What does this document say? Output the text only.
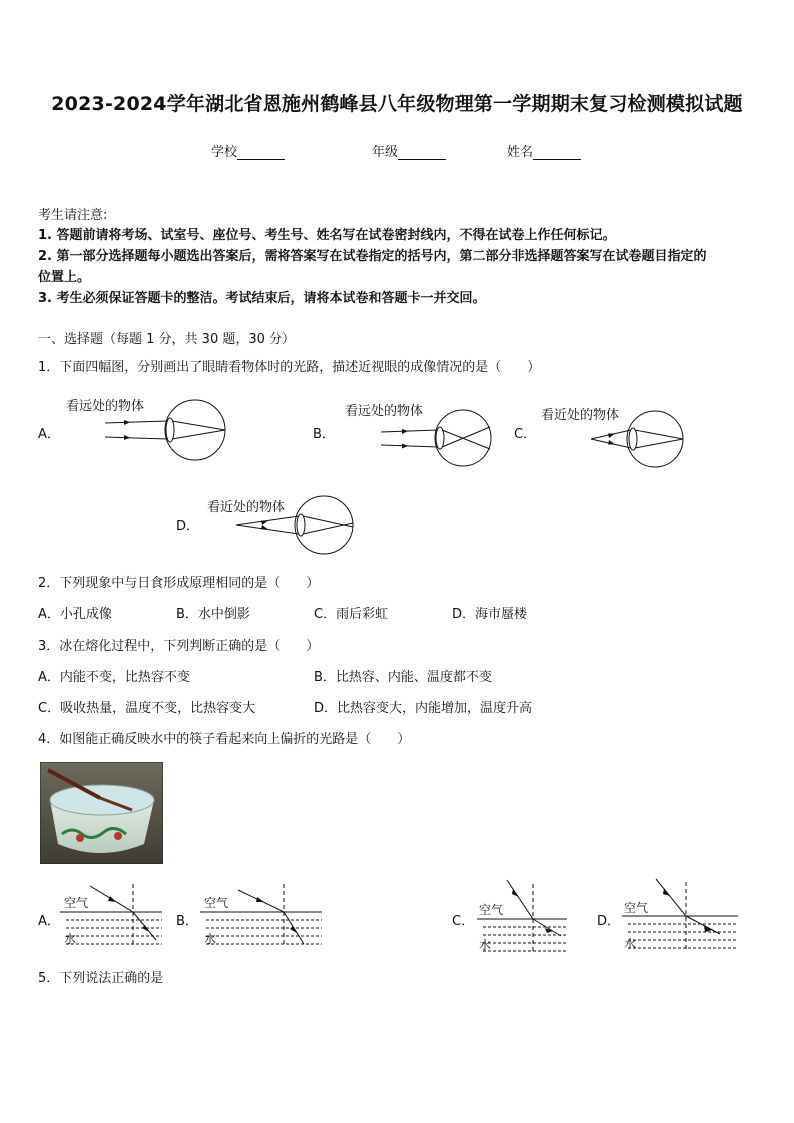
2023-2024学年湖北省恩施州鹤峰县八年级物理第一学期期末复习检测模拟试题
学校	年级	姓名
考生请注意:
1. 答题前请将考场、试室号、座位号、考生号、姓名写在试卷密封线内，不得在试卷上作任何标记。
2. 第一部分选择题每小题选出答案后，需将答案写在试卷指定的括号内，第二部分非选择题答案写在试卷题目指定的
位置上。
3. 考生必须保证答题卡的整洁。考试结束后，请将本试卷和答题卡一并交回。
一、选择题（每题 1 分，共 30 题，30 分）
1．下面四幅图，分别画出了眼睛看物体时的光路，描述近视眼的成像情况的是（　　）
A．
看远处的物体
B．
看远处的物体
C．
看近处的物体
D．
看近处的物体
2．下列现象中与日食形成原理相同的是（　　）
A．小孔成像	B．水中倒影	C．雨后彩虹	D．海市蜃楼
3．冰在熔化过程中，下列判断正确的是（　　）
A．内能不变，比热容不变	B．比热容、内能、温度都不变
C．吸收热量，温度不变，比热容变大	D．比热容变大，内能增加，温度升高
4．如图能正确反映水中的筷子看起来向上偏折的光路是（　　）
A．
空气
水
B．
空气
水
C．
空气
水
D．
空气
水
5．下列说法正确的是
